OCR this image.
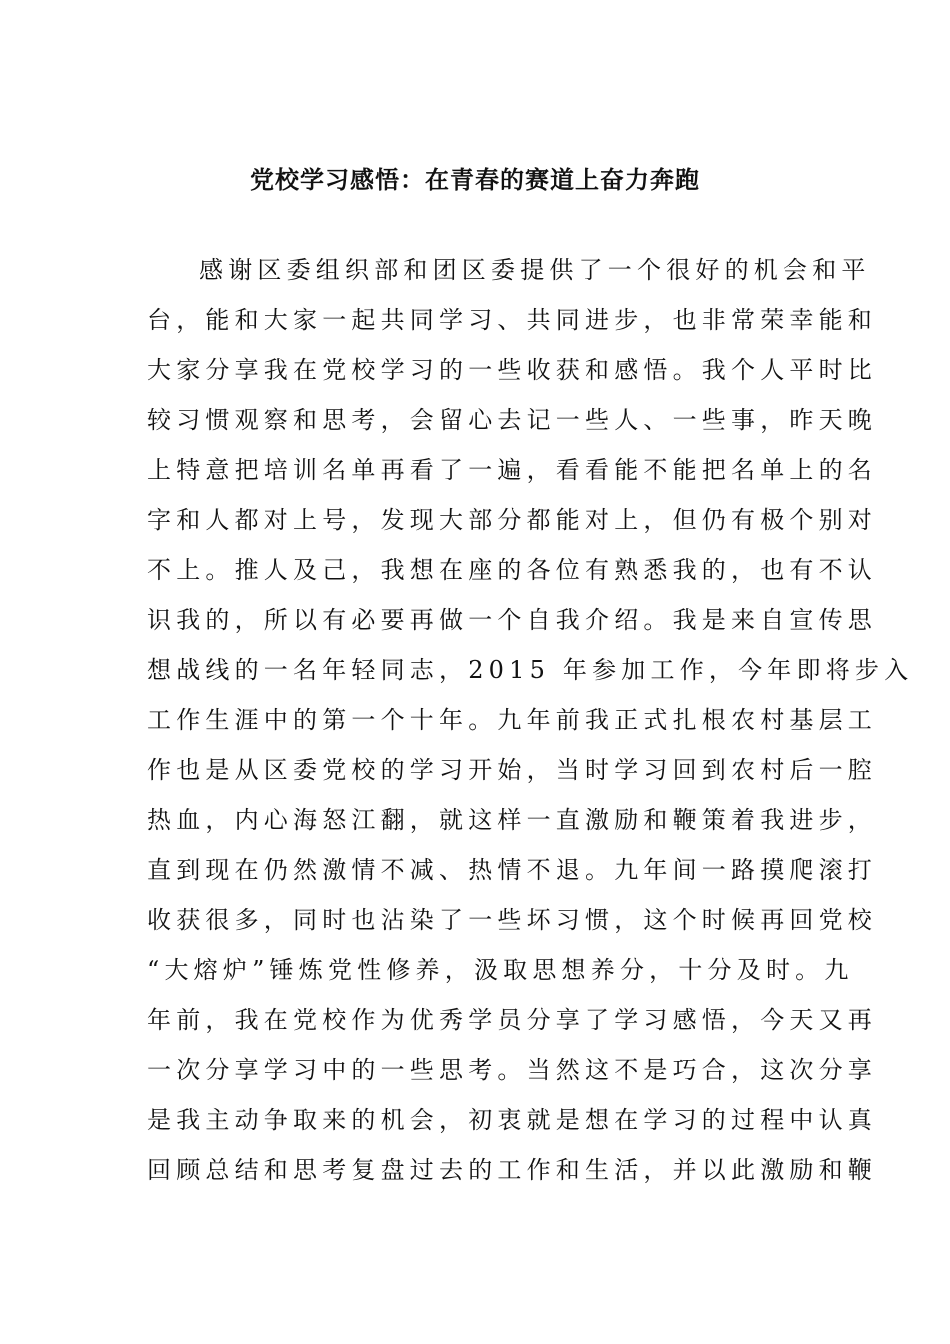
党校学习感悟：在青春的赛道上奋力奔跑
感谢区委组织部和团区委提供了一个很好的机会和平
台，能和大家一起共同学习、共同进步，也非常荣幸能和
大家分享我在党校学习的一些收获和感悟。我个人平时比
较习惯观察和思考，会留心去记一些人、一些事，昨天晚
上特意把培训名单再看了一遍，看看能不能把名单上的名
字和人都对上号，发现大部分都能对上，但仍有极个别对
不上。推人及己，我想在座的各位有熟悉我的，也有不认
识我的，所以有必要再做一个自我介绍。我是来自宣传思
想战线的一名年轻同志，2015 年参加工作，今年即将步入
工作生涯中的第一个十年。九年前我正式扎根农村基层工
作也是从区委党校的学习开始，当时学习回到农村后一腔
热血，内心海怒江翻，就这样一直激励和鞭策着我进步，
直到现在仍然激情不减、热情不退。九年间一路摸爬滚打
收获很多，同时也沾染了一些坏习惯，这个时候再回党校
“大熔炉”锤炼党性修养，汲取思想养分，十分及时。九
年前，我在党校作为优秀学员分享了学习感悟，今天又再
一次分享学习中的一些思考。当然这不是巧合，这次分享
是我主动争取来的机会，初衷就是想在学习的过程中认真
回顾总结和思考复盘过去的工作和生活，并以此激励和鞭
